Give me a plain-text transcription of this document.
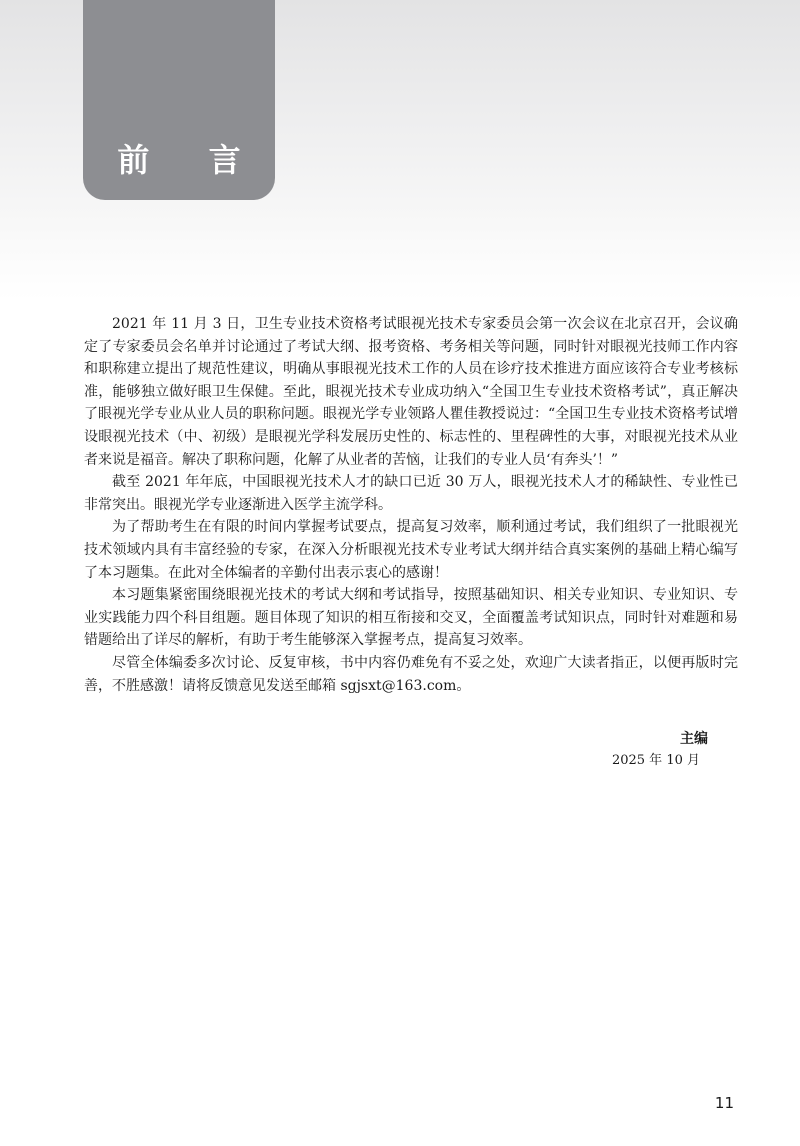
前 言

2021 年 11 月 3 日，卫生专业技术资格考试眼视光技术专家委员会第一次会议在北京召开，会议确定了专家委员会名单并讨论通过了考试大纲、报考资格、考务相关等问题，同时针对眼视光技师工作内容和职称建立提出了规范性建议，明确从事眼视光技术工作的人员在诊疗技术推进方面应该符合专业考核标准，能够独立做好眼卫生保健。至此，眼视光技术专业成功纳入“全国卫生专业技术资格考试”，真正解决了眼视光学专业从业人员的职称问题。眼视光学专业领路人瞿佳教授说过：“全国卫生专业技术资格考试增设眼视光技术（中、初级）是眼视光学科发展历史性的、标志性的、里程碑性的大事，对眼视光技术从业者来说是福音。解决了职称问题，化解了从业者的苦恼，让我们的专业人员‘有奔头’！”

截至 2021 年年底，中国眼视光技术人才的缺口已近 30 万人，眼视光技术人才的稀缺性、专业性已非常突出。眼视光学专业逐渐进入医学主流学科。

为了帮助考生在有限的时间内掌握考试要点，提高复习效率，顺利通过考试，我们组织了一批眼视光技术领域内具有丰富经验的专家，在深入分析眼视光技术专业考试大纲并结合真实案例的基础上精心编写了本习题集。在此对全体编者的辛勤付出表示衷心的感谢！

本习题集紧密围绕眼视光技术的考试大纲和考试指导，按照基础知识、相关专业知识、专业知识、专业实践能力四个科目组题。题目体现了知识的相互衔接和交叉，全面覆盖考试知识点，同时针对难题和易错题给出了详尽的解析，有助于考生能够深入掌握考点，提高复习效率。

尽管全体编委多次讨论、反复审核，书中内容仍难免有不妥之处，欢迎广大读者指正，以便再版时完善，不胜感激！请将反馈意见发送至邮箱 sgjsxt@163.com。

主编
2025 年 10 月
11
